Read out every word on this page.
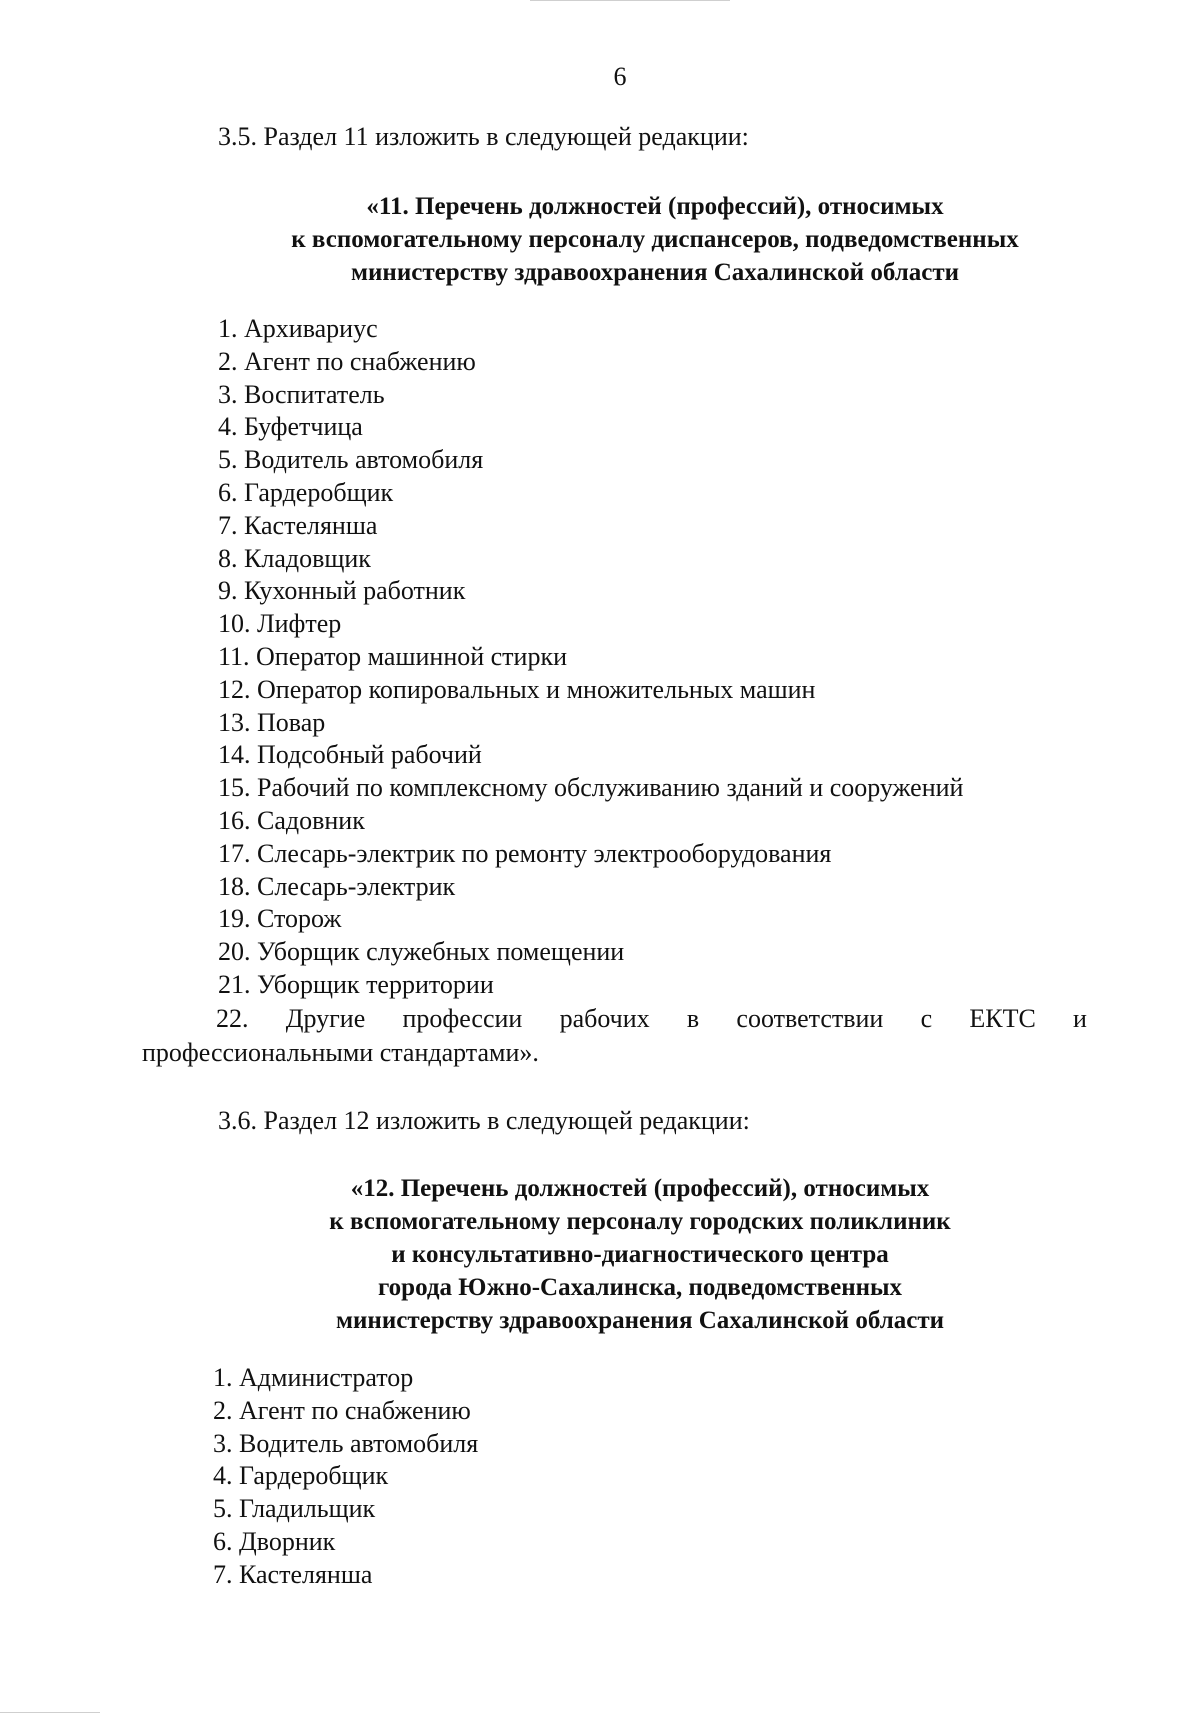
6
3.5. Раздел 11 изложить в следующей редакции:
«11. Перечень должностей (профессий), относимых
к вспомогательному персоналу диспансеров, подведомственных
министерству здравоохранения Сахалинской области
1. Архивариус
2. Агент по снабжению
3. Воспитатель
4. Буфетчица
5. Водитель автомобиля
6. Гардеробщик
7. Кастелянша
8. Кладовщик
9. Кухонный работник
10. Лифтер
11. Оператор машинной стирки
12. Оператор копировальных и множительных машин
13. Повар
14. Подсобный рабочий
15. Рабочий по комплексному обслуживанию зданий и сооружений
16. Садовник
17. Слесарь-электрик по ремонту электрооборудования
18. Слесарь-электрик
19. Сторож
20. Уборщик служебных помещении
21. Уборщик территории
22. Другие профессии рабочих в соответствии с ЕКТС и
профессиональными стандартами».
3.6. Раздел 12 изложить в следующей редакции:
«12. Перечень должностей (профессий), относимых
к вспомогательному персоналу городских поликлиник
и консультативно-диагностического центра
города Южно-Сахалинска, подведомственных
министерству здравоохранения Сахалинской области
1. Администратор
2. Агент по снабжению
3. Водитель автомобиля
4. Гардеробщик
5. Гладильщик
6. Дворник
7. Кастелянша
